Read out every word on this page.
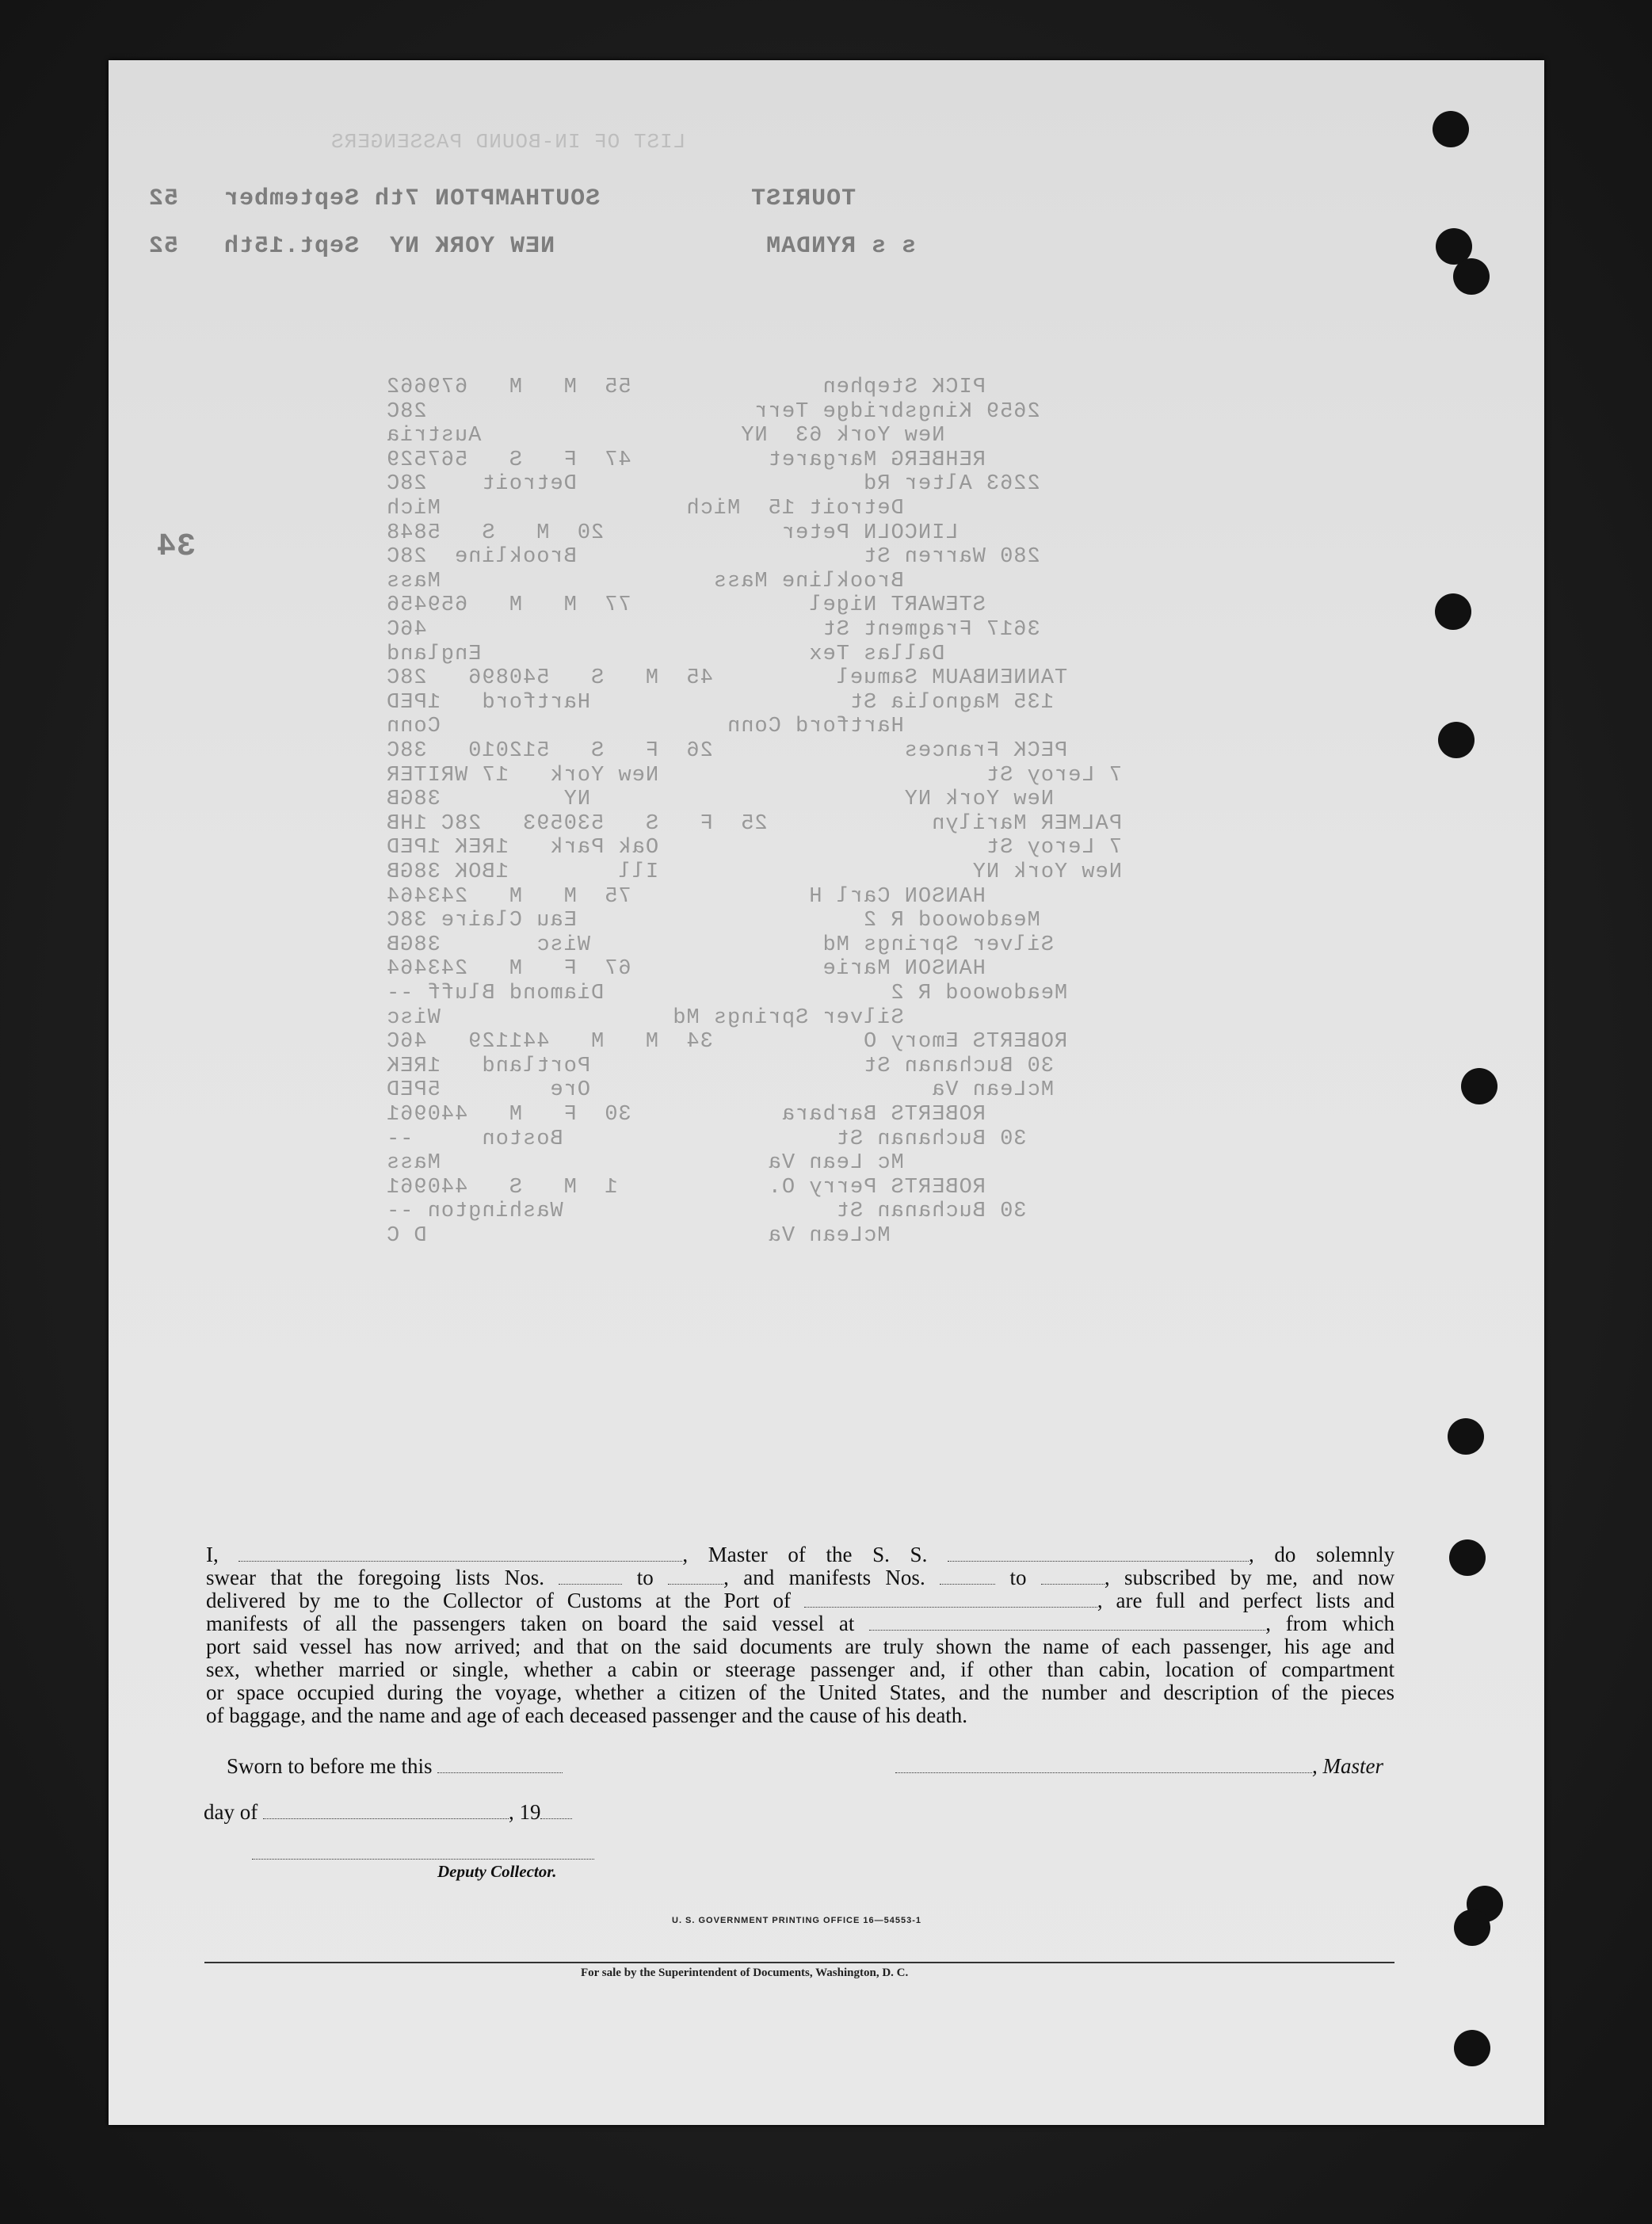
LIST OF IN-BOUND PASSENGERS
TOURIST          SOUTHAMPTON 7th September   52
s s RYNDAM              NEW YORK NY  Sept.15th   52
34
PICK Stephen              55  M   M   679662
2659 Kingsbridge Terr                        28C
New York 63  NY                   Austria
REHBERG Margaret          47  F   S   567529
2263 Alter Rd                     Detroit    28C
Detroit 15  Mich                  Mich
LINCOLN Peter             20  M   S   5848
280 Warren St                     Brookline  28C
Brookline Mass                    Mass
STEWART Nigel             77  M   M   659456
3617 Fragment St                             46C
Dallas Tex                        England
TANNENBAUM Samuel         45  M   S   540896   28C
135 Magnolia St                   Hartford   1PED
Hartford Conn                     Conn
PECK Frances              26  F   S   512010   38C
7 Leroy St                        New York   17 WRITER
New York NY                       NY         38GB
PALMER Marilyn            25  F   S   530593   28C 1HB
7 Leroy St                        Oak Park   1REK 1PED
New York NY                       Ill        1BOK 38GB
HANSON Carl H             75  M   M   243464
Meadowood R 2                     Eau Claire 38C
Silver Springs Md                 Wisc       38GB
HANSON Marie              67  F   M   243464
Meadowood R 2                     Diamond Bluff --
Silver Springs Md                 Wisc
ROBERTS Emory O           34  M   M   441129   46C
30 Buchanan St                    Portland   1REK
McLean Va                         Ore        5PED
ROBERTS Barbara           30  F   M   440961
30 Buchanan St                    Boston     --
Mc Lean Va                        Mass
ROBERTS Perry O.           1  M   S   440961
30 Buchanan St                    Washington --
McLean Va                         D C
I,	, Master of the S. S.	, do solemnly
swear that the foregoing lists Nos.	to	, and manifests Nos.	to	, subscribed by me, and now
delivered by me to the Collector of Customs at the Port of	, are full and perfect lists and
manifests of all the passengers taken on board the said vessel at	, from which
port said vessel has now arrived; and that on the said documents are truly shown the name of each passenger, his age and
sex, whether married or single, whether a cabin or steerage passenger and, if other than cabin, location of compartment
or space occupied during the voyage, whether a citizen of the United States, and the number and description of the pieces
of baggage, and the name and age of each deceased passenger and the cause of his death.
Sworn to before me this	, Master
day of	, 19
Deputy Collector.
U. S. GOVERNMENT PRINTING OFFICE 16—54553-1
For sale by the Superintendent of Documents, Washington, D. C.
